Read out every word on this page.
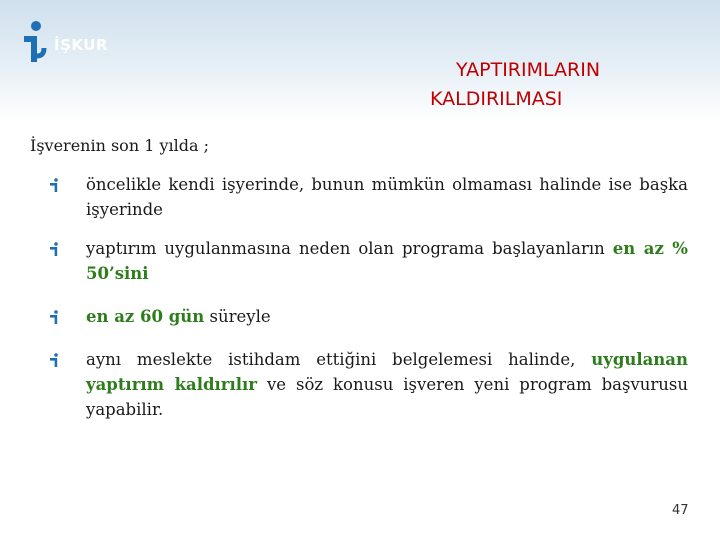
İŞKUR
YAPTIRIMLARIN
KALDIRILMASI

İşverenin son 1 yılda ;

öncelikle kendi işyerinde, bunun mümkün olmaması halinde ise başka işyerinde
yaptırım uygulanmasına neden olan programa başlayanların en az % 50’sini
en az 60 gün süreyle
aynı meslekte istihdam ettiğini belgelemesi halinde, uygulanan yaptırım kaldırılır ve söz konusu işveren yeni program başvurusu yapabilir.
47
